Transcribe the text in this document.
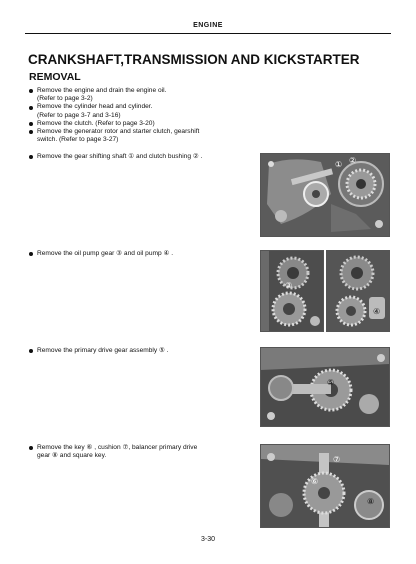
ENGINE
CRANKSHAFT,TRANSMISSION AND KICKSTARTER
REMOVAL
Remove the engine and drain the engine oil.
(Refer to page 3-2)
Remove the cylinder head and cylinder.
(Refer to page 3-7 and 3-16)
Remove the clutch. (Refer to page 3-20)
Remove the generator rotor and starter clutch, gearshift
switch. (Refer to page 3-27)
Remove the gear shifting shaft ① and clutch bushing ② .
① ②
Remove the oil pump gear ③ and oil pump ④ .
③
④
Remove the primary drive gear assembly ⑤ .
⑤
Remove the key ⑥ , cushion ⑦, balancer primary drive
gear ⑧ and square key.
⑥
⑦
⑧
3-30
